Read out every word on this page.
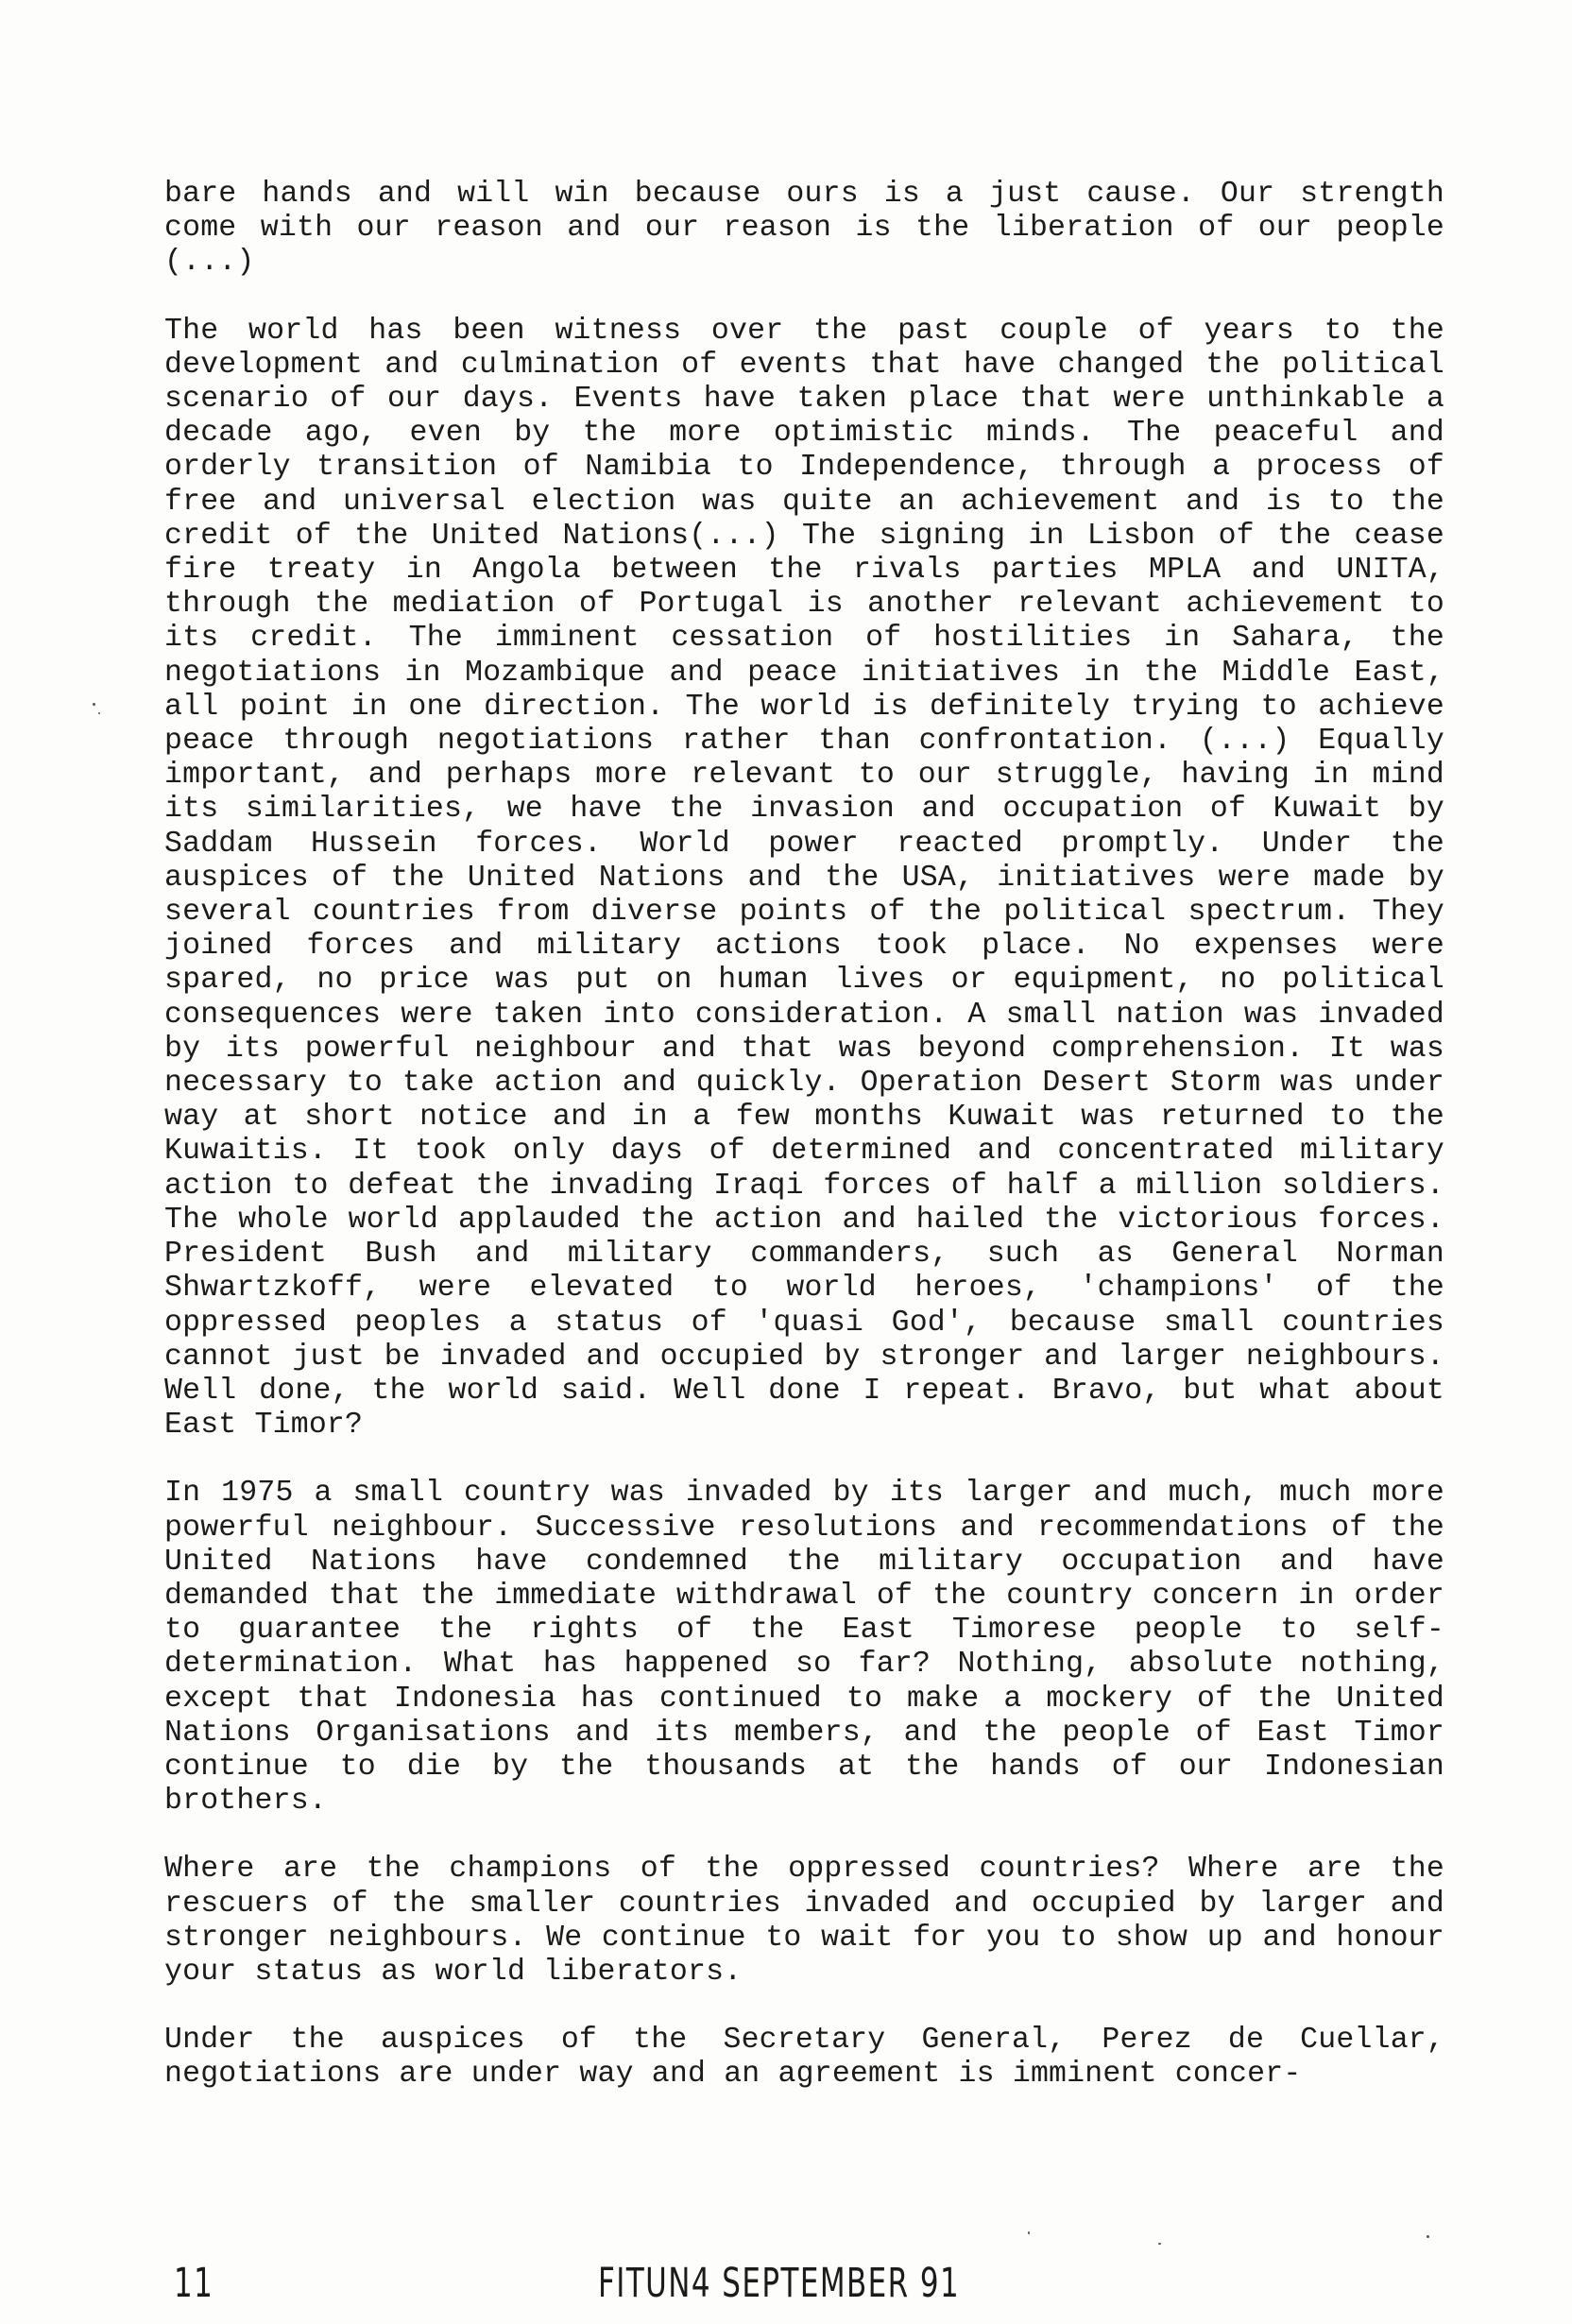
bare hands and will win because ours is a just cause. Our strength come with our reason and our reason is the liberation of our people (...)

The world has been witness over the past couple of years to the development and culmination of events that have changed the political scenario of our days. Events have taken place that were unthinkable a decade ago, even by the more optimistic minds. The peaceful and orderly transition of Namibia to Independence, through a process of free and universal election was quite an achievement and is to the credit of the United Nations(...) The signing in Lisbon of the cease fire treaty in Angola between the rivals parties MPLA and UNITA, through the mediation of Portugal is another relevant achievement to its credit. The imminent cessation of hostilities in Sahara, the negotiations in Mozambique and peace initiatives in the Middle East, all point in one direction. The world is definitely trying to achieve peace through negotiations rather than confrontation. (...) Equally important, and perhaps more relevant to our struggle, having in mind its similarities, we have the invasion and occupation of Kuwait by Saddam Hussein forces. World power reacted promptly. Under the auspices of the United Nations and the USA, initiatives were made by several countries from diverse points of the political spectrum. They joined forces and military actions took place. No expenses were spared, no price was put on human lives or equipment, no political consequences were taken into consideration. A small nation was invaded by its powerful neighbour and that was beyond comprehension. It was necessary to take action and quickly. Operation Desert Storm was under way at short notice and in a few months Kuwait was returned to the Kuwaitis. It took only days of determined and concentrated military action to defeat the invading Iraqi forces of half a million soldiers. The whole world applauded the action and hailed the victorious forces. President Bush and military commanders, such as General Norman Shwartzkoff, were elevated to world heroes, 'champions' of the oppressed peoples a status of 'quasi God', because small countries cannot just be invaded and occupied by stronger and larger neighbours. Well done, the world said. Well done I repeat. Bravo, but what about East Timor?

In 1975 a small country was invaded by its larger and much, much more powerful neighbour. Successive resolutions and recommendations of the United Nations have condemned the military occupation and have demanded that the immediate withdrawal of the country concern in order to guarantee the rights of the East Timorese people to self-determination. What has happened so far? Nothing, absolute nothing, except that Indonesia has continued to make a mockery of the United Nations Organisations and its members, and the people of East Timor continue to die by the thousands at the hands of our Indonesian brothers.

Where are the champions of the oppressed countries? Where are the rescuers of the smaller countries invaded and occupied by larger and stronger neighbours. We continue to wait for you to show up and honour your status as world liberators.

Under the auspices of the Secretary General, Perez de Cuellar, negotiations are under way and an agreement is imminent concer-

11	FITUN4 SEPTEMBER 91
